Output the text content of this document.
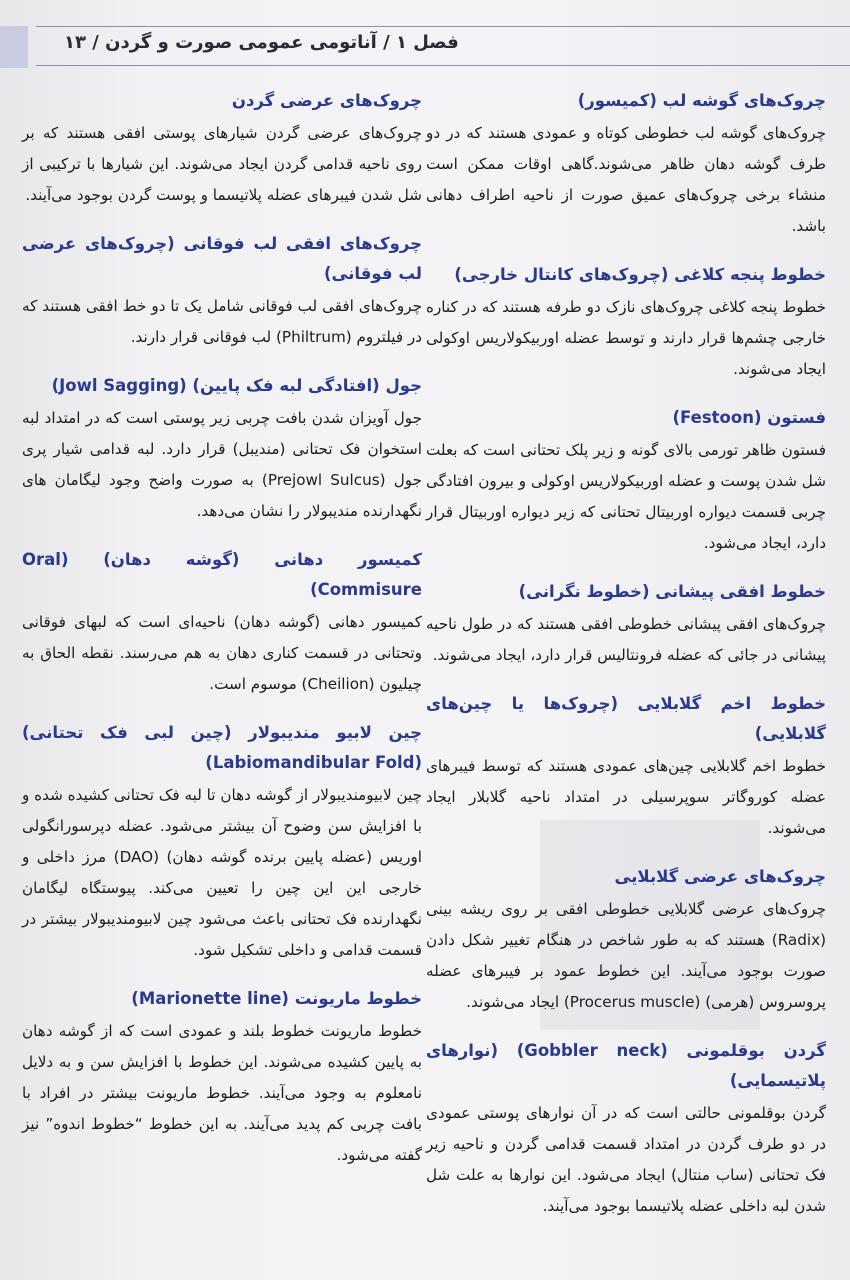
فصل ۱ / آناتومی عمومی صورت و گردن / ۱۳
چروک‌های گوشه لب (کمیسور)

چروک‌های گوشه لب خطوطی کوتاه و عمودی هستند که در دو طرف گوشه دهان ظاهر می‌شوند.گاهی اوقات ممکن است منشاء برخی چروک‌های عمیق صورت از ناحیه اطراف دهانی باشد.

خطوط پنجه کلاغی (چروک‌های کانتال خارجی)

خطوط پنجه کلاغی چروک‌های نازک دو طرفه هستند که در کناره خارجی چشم‌ها قرار دارند و توسط عضله اوربیکولاریس اوکولی ایجاد می‌شوند.

فستون (Festoon)

فستون ظاهر تورمی بالای گونه و زیر پلک تحتانی است که بعلت شل شدن پوست و عضله اوربیکولاریس اوکولی و بیرون افتادگی چربی قسمت دیواره اوربیتال تحتانی که زیر دیواره اوربیتال قرار دارد، ایجاد می‌شود.

خطوط افقی پیشانی (خطوط نگرانی)

چروک‌های افقی پیشانی خطوطی افقی هستند که در طول ناحیه پیشانی در جائی که عضله فرونتالیس قرار دارد، ایجاد می‌شوند.

خطوط اخم گلابلایی (چروک‌ها یا چین‌های گلابلایی)

خطوط اخم گلابلایی چین‌های عمودی هستند که توسط فیبرهای عضله کوروگاتر سوپرسیلی در امتداد ناحیه گلابلار ایجاد می‌شوند.

چروک‌های عرضی گلابلایی

چروک‌های عرضی گلابلایی خطوطی افقی بر روی ریشه بینی (Radix) هستند که به طور شاخص در هنگام تغییر شکل دادن صورت بوجود می‌آیند. این خطوط عمود بر فیبرهای عضله پروسروس (هرمی) (Procerus muscle) ایجاد می‌شوند.

گردن بوقلمونی (Gobbler neck) (نوارهای پلاتیسمایی)

گردن بوقلمونی حالتی است که در آن نوارهای پوستی عمودی در دو طرف گردن در امتداد قسمت قدامی گردن و ناحیه زیر فک تحتانی (ساب منتال) ایجاد می‌شود. این نوارها به علت شل شدن لبه داخلی عضله پلاتیسما بوجود می‌آیند.

چروک‌های عرضی گردن

چروک‌های عرضی گردن شیارهای پوستی افقی هستند که بر روی ناحیه قدامی گردن ایجاد می‌شوند. این شیارها با ترکیبی از شل شدن فیبرهای عضله پلاتیسما و پوست گردن بوجود می‌آیند.

چروک‌های افقی لب فوقانی (چروک‌های عرضی لب فوقانی)

چروک‌های افقی لب فوقانی شامل یک تا دو خط افقی هستند که در فیلتروم (Philtrum) لب فوقانی قرار دارند.

جول (افتادگی لبه فک پایین) (Jowl Sagging)

جول آویزان شدن بافت چربی زیر پوستی است که در امتداد لبه استخوان فک تحتانی (مندیبل) قرار دارد. لبه قدامی شیار پری جول (Prejowl Sulcus) به صورت واضح وجود لیگامان های نگهدارنده مندیبولار را نشان می‌دهد.

کمیسور دهانی (گوشه دهان) (Oral Commisure)

کمیسور دهانی (گوشه دهان) ناحیه‌ای است که لبهای فوقانی وتحتانی در قسمت کناری دهان به هم می‌رسند. نقطه الحاق به چیلیون (Cheilion) موسوم است.

چین لابیو مندیبولار (چین لبی فک تحتانی) (Labiomandibular Fold)

چین لابیومندیبولار از گوشه دهان تا لبه فک تحتانی کشیده شده و با افزایش سن وضوح آن بیشتر می‌شود. عضله دپرسورانگولی اوریس (عضله پایین برنده گوشه دهان) (DAO) مرز داخلی و خارجی این این چین را تعیین می‌کند. پیوستگاه لیگامان نگهدارنده فک تحتانی باعث می‌شود چین لابیومندیبولار بیشتر در قسمت قدامی و داخلی تشکیل شود.

خطوط ماریونت (Marionette line)

خطوط ماریونت خطوط بلند و عمودی است که از گوشه دهان به پایین کشیده می‌شوند. این خطوط با افزایش سن و به دلایل نامعلوم به وجود می‌آیند. خطوط ماریونت بیشتر در افراد با بافت چربی کم پدید می‌آیند. به این خطوط “خطوط اندوه” نیز گفته می‌شود.
